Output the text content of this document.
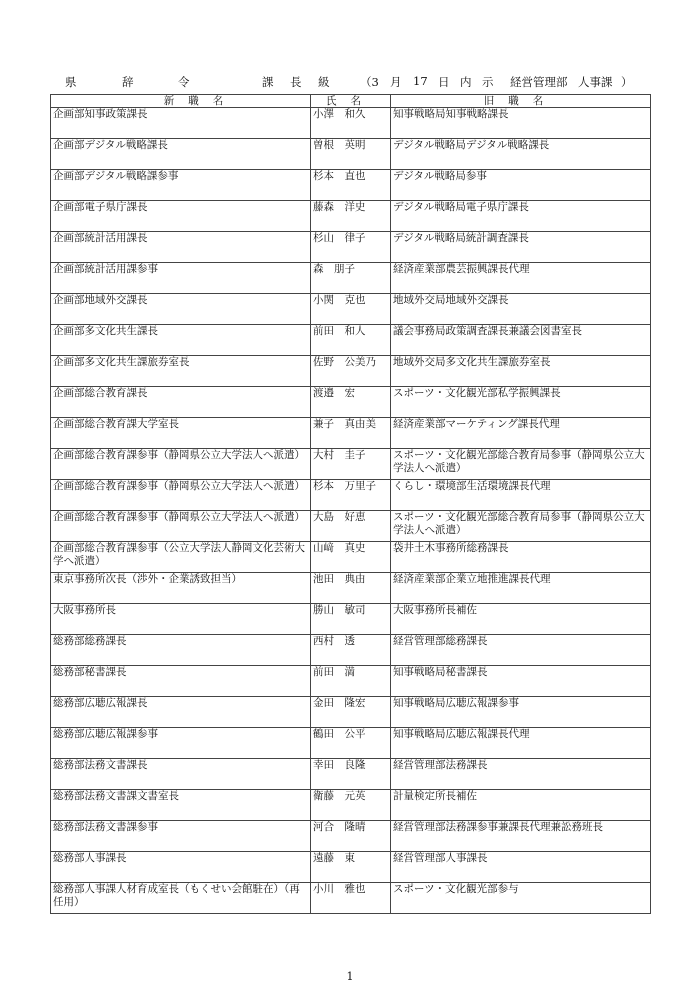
県

	辞

	令

	課

長

級

	（3

月

17

日

内

示

経営管理部

人事課

）

新職名	氏名	旧職名
企画部知事政策課長	小澤　和久	知事戦略局知事戦略課長
企画部デジタル戦略課長	曽根　英明	デジタル戦略局デジタル戦略課長
企画部デジタル戦略課参事	杉本　直也	デジタル戦略局参事
企画部電子県庁課長	藤森　洋史	デジタル戦略局電子県庁課長
企画部統計活用課長	杉山　律子	デジタル戦略局統計調査課長
企画部統計活用課参事	森　朋子	経済産業部農芸振興課長代理
企画部地域外交課長	小関　克也	地域外交局地域外交課長
企画部多文化共生課長	前田　和人	議会事務局政策調査課長兼議会図書室長
企画部多文化共生課旅券室長	佐野　公美乃	地域外交局多文化共生課旅券室長
企画部総合教育課長	渡邉　宏	スポーツ・文化観光部私学振興課長
企画部総合教育課大学室長	兼子　真由美	経済産業部マーケティング課長代理
企画部総合教育課参事（静岡県公立大学法人へ派遣）	大村　圭子	スポーツ・文化観光部総合教育局参事（静岡県公立大学法人へ派遣）
企画部総合教育課参事（静岡県公立大学法人へ派遣）	杉本　万里子	くらし・環境部生活環境課長代理
企画部総合教育課参事（静岡県公立大学法人へ派遣）	大島　好恵	スポーツ・文化観光部総合教育局参事（静岡県公立大学法人へ派遣）
企画部総合教育課参事（公立大学法人静岡文化芸術大学へ派遣）	山﨑　真史	袋井土木事務所総務課長
東京事務所次長（渉外・企業誘致担当）	池田　典由	経済産業部企業立地推進課長代理
大阪事務所長	勝山　敏司	大阪事務所長補佐
総務部総務課長	西村　透	経営管理部総務課長
総務部秘書課長	前田　満	知事戦略局秘書課長
総務部広聴広報課長	金田　隆宏	知事戦略局広聴広報課参事
総務部広聴広報課参事	鶴田　公平	知事戦略局広聴広報課長代理
総務部法務文書課長	幸田　良隆	経営管理部法務課長
総務部法務文書課文書室長	衛藤　元英	計量検定所長補佐
総務部法務文書課参事	河合　隆晴	経営管理部法務課参事兼課長代理兼訟務班長
総務部人事課長	遠藤　東	経営管理部人事課長
総務部人事課人材育成室長（もくせい会館駐在）（再任用）	小川　雅也	スポーツ・文化観光部参与
1
